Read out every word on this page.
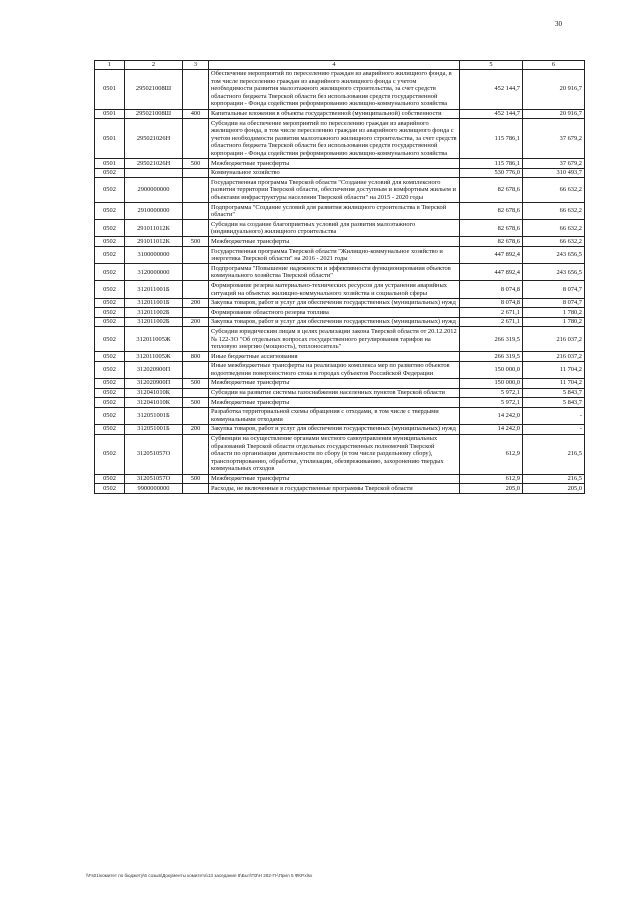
30
1	2	3	4	5	6
0501	295021008Ш		Обеспечение мероприятий по переселению граждан из аварийного жилищного фонда, в том числе переселению граждан из аварийного жилищного фонда с учетом необходимости развития малоэтажного жилищного строительства, за счет средств областного бюджета Тверской области без использования средств государственной корпорации - Фонда содействия реформированию жилищно-коммунального хозяйства	452 144,7	20 916,7
0501	295021008Ш	400	Капитальные вложения в объекты государственной (муниципальной) собственности	452 144,7	20 916,7
0501	295021026Н		Субсидии на обеспечение мероприятий по переселению граждан из аварийного жилищного фонда, в том числе переселению граждан из аварийного жилищного фонда с учетом необходимости развития малоэтажного жилищного строительства, за счет средств областного бюджета Тверской области без использования средств государственной корпорации - Фонда содействия реформированию жилищно-коммунального хозяйства	115 786,1	37 679,2
0501	295021026Н	500	Межбюджетные трансферты	115 786,1	37 679,2
0502			Коммунальное хозяйство	530 776,0	310 493,7
0502	2900000000		Государственная программа Тверской области "Создание условий для комплексного развития территории Тверской области, обеспечения доступным и комфортным жильем и объектами инфраструктуры населения Тверской области" на 2015 - 2020 годы	82 678,6	66 632,2
0502	2910000000		Подпрограмма "Создание условий для развития жилищного строительства в Тверской области"	82 678,6	66 632,2
0502	291011012К		Субсидии на создание благоприятных условий для развития малоэтажного (индивидуального) жилищного строительства	82 678,6	66 632,2
0502	291011012К	500	Межбюджетные трансферты	82 678,6	66 632,2
0502	3100000000		Государственная программа Тверской области "Жилищно-коммунальное хозяйство и энергетика Тверской области" на 2016 - 2021 годы	447 892,4	243 656,5
0502	3120000000		Подпрограмма "Повышение надежности и эффективности функционирования объектов коммунального хозяйства Тверской области"	447 892,4	243 656,5
0502	312011001Б		Формирование резерва материально-технических ресурсов для устранения аварийных ситуаций на объектах жилищно-коммунального хозяйства и социальной сферы	8 074,8	8 074,7
0502	312011001Б	200	Закупка товаров, работ и услуг для обеспечения государственных (муниципальных) нужд	8 074,8	8 074,7
0502	312011002Б		Формирование областного резерва топлива	2 671,1	1 780,2
0502	312011002Б	200	Закупка товаров, работ и услуг для обеспечения государственных (муниципальных) нужд	2 671,1	1 780,2
0502	312011005Ж		Субсидии юридическим лицам в целях реализации закона Тверской области от 20.12.2012 № 122-ЗО "Об отдельных вопросах государственного регулирования тарифов на тепловую энергию (мощность), теплоноситель"	266 319,5	216 037,2
0502	312011005Ж	800	Иные бюджетные ассигнования	266 319,5	216 037,2
0502	312020900П		Иные межбюджетные трансферты на реализацию комплекса мер по развитию объектов водоотведения поверхностного стока в городах субъектов Российской Федерации	150 000,0	11 704,2
0502	312020900П	500	Межбюджетные трансферты	150 000,0	11 704,2
0502	312041010К		Субсидии на развитие системы газоснабжения населенных пунктов Тверской области	5 972,1	5 843,7
0502	312041010К	500	Межбюджетные трансферты	5 972,1	5 843,7
0502	312051001Б		Разработка территориальной схемы обращения с отходами, в том числе с твердыми коммунальными отходами	14 242,0	-
0502	312051001Б	200	Закупка товаров, работ и услуг для обеспечения государственных (муниципальных) нужд	14 242,0	-
0502	312051057О		Субвенции на осуществление органами местного самоуправления муниципальных образований Тверской области отдельных государственных полномочий Тверской области по организации деятельности по сбору (в том числе раздельному сбору), транспортированию, обработке, утилизации, обезвреживанию, захоронению твердых коммунальных отходов	612,9	216,5
0502	312051057О	500	Межбюджетные трансферты	612,9	216,5
0502	9900000000		Расходы, не включенные в государственные программы Тверской области	205,0	205,0
\\Fs01\комитет по бюджету\6 созыв\Документы комитета\13 заседание 8\Быт\ПЗ\Н 282-П-\Прил 5 ФКР.xlsx
